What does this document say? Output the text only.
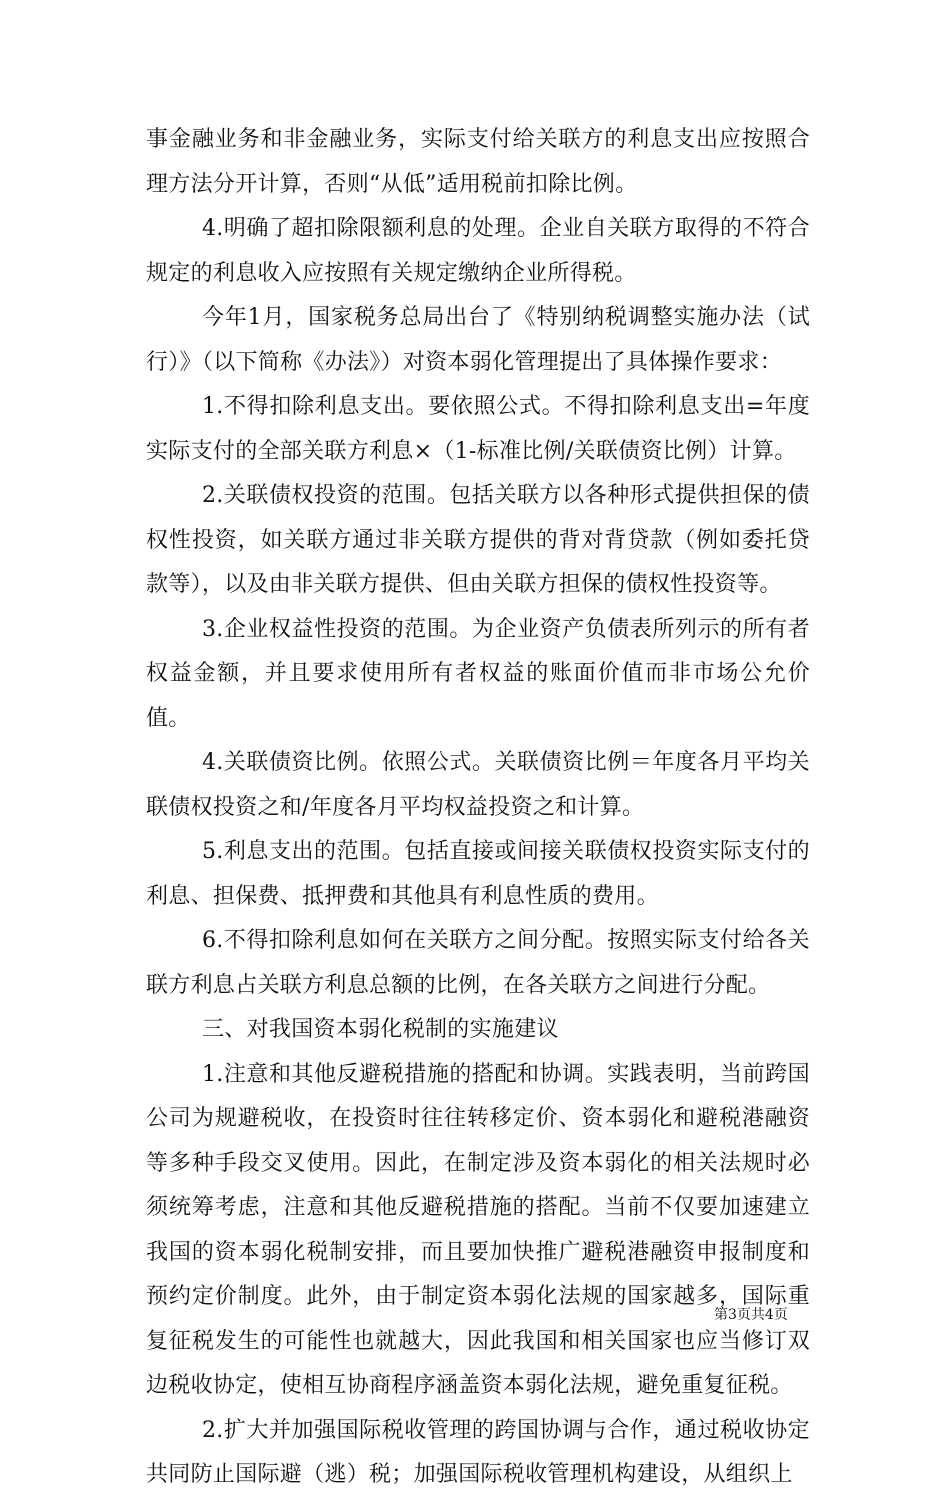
事金融业务和非金融业务，实际支付给关联方的利息支出应按照合理方法分开计算，否则“从低”适用税前扣除比例。

4.明确了超扣除限额利息的处理。企业自关联方取得的不符合规定的利息收入应按照有关规定缴纳企业所得税。

今年1月，国家税务总局出台了《特别纳税调整实施办法（试行）》（以下简称《办法》）对资本弱化管理提出了具体操作要求：

1.不得扣除利息支出。要依照公式。不得扣除利息支出=年度实际支付的全部关联方利息×（1-标准比例/关联债资比例）计算。

2.关联债权投资的范围。包括关联方以各种形式提供担保的债权性投资，如关联方通过非关联方提供的背对背贷款（例如委托贷款等），以及由非关联方提供、但由关联方担保的债权性投资等。

3.企业权益性投资的范围。为企业资产负债表所列示的所有者权益金额，并且要求使用所有者权益的账面价值而非市场公允价值。

4.关联债资比例。依照公式。关联债资比例＝年度各月平均关联债权投资之和/年度各月平均权益投资之和计算。

5.利息支出的范围。包括直接或间接关联债权投资实际支付的利息、担保费、抵押费和其他具有利息性质的费用。

6.不得扣除利息如何在关联方之间分配。按照实际支付给各关联方利息占关联方利息总额的比例，在各关联方之间进行分配。

三、对我国资本弱化税制的实施建议

1.注意和其他反避税措施的搭配和协调。实践表明，当前跨国公司为规避税收，在投资时往往转移定价、资本弱化和避税港融资等多种手段交叉使用。因此，在制定涉及资本弱化的相关法规时必须统筹考虑，注意和其他反避税措施的搭配。当前不仅要加速建立我国的资本弱化税制安排，而且要加快推广避税港融资申报制度和预约定价制度。此外，由于制定资本弱化法规的国家越多，国际重复征税发生的可能性也就越大，因此我国和相关国家也应当修订双边税收协定，使相互协商程序涵盖资本弱化法规，避免重复征税。

2.扩大并加强国际税收管理的跨国协调与合作，通过税收协定共同防止国际避（逃）税；加强国际税收管理机构建设，从组织上

第3页共4页
